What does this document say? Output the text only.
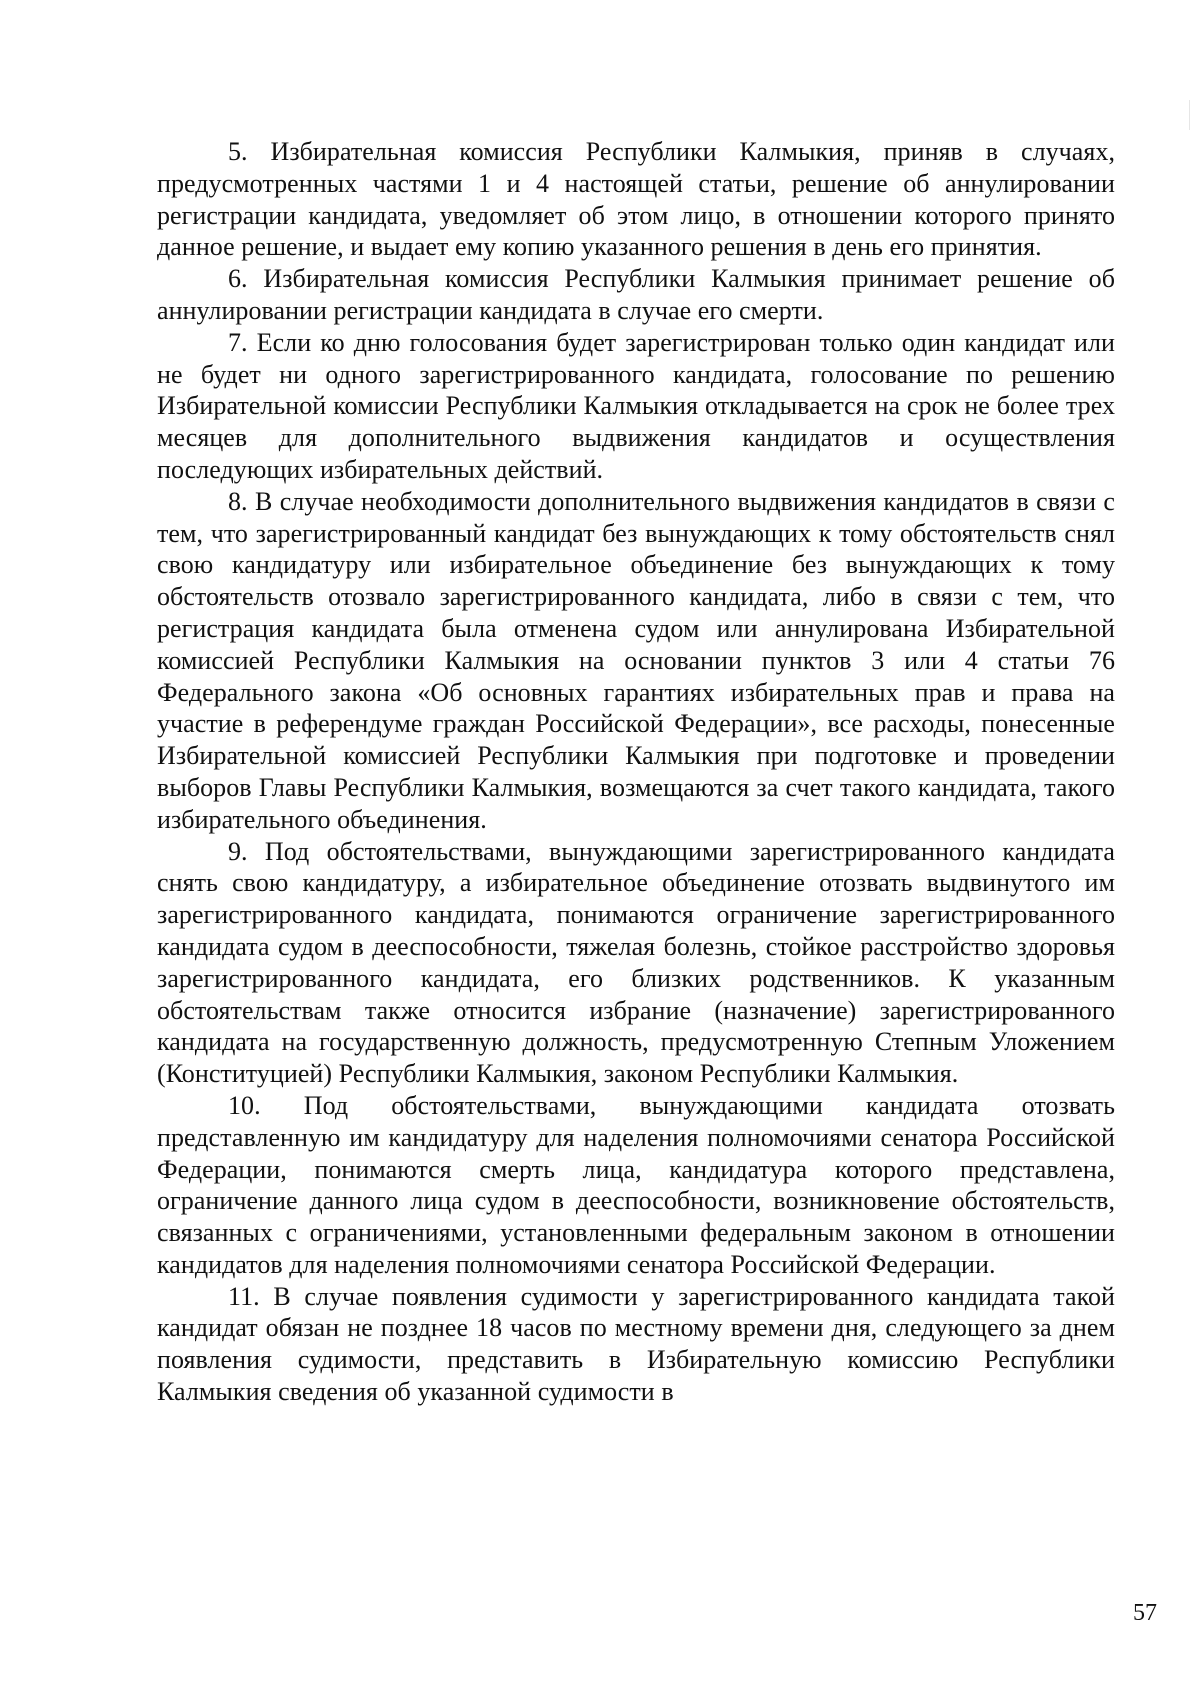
5. Избирательная комиссия Республики Калмыкия, приняв в случаях, предусмотренных частями 1 и 4 настоящей статьи, решение об аннулировании регистрации кандидата, уведомляет об этом лицо, в отношении которого принято данное решение, и выдает ему копию указанного решения в день его принятия.

6. Избирательная комиссия Республики Калмыкия принимает решение об аннулировании регистрации кандидата в случае его смерти.

7. Если ко дню голосования будет зарегистрирован только один кандидат или не будет ни одного зарегистрированного кандидата, голосование по решению Избирательной комиссии Республики Калмыкия откладывается на срок не более трех месяцев для дополнительного выдвижения кандидатов и осуществления последующих избирательных действий.

8. В случае необходимости дополнительного выдвижения кандидатов в связи с тем, что зарегистрированный кандидат без вынуждающих к тому обстоятельств снял свою кандидатуру или избирательное объединение без вынуждающих к тому обстоятельств отозвало зарегистрированного кандидата, либо в связи с тем, что регистрация кандидата была отменена судом или аннулирована Избирательной комиссией Республики Калмыкия на основании пунктов 3 или 4 статьи 76 Федерального закона «Об основных гарантиях избирательных прав и права на участие в референдуме граждан Российской Федерации», все расходы, понесенные Избирательной комиссией Республики Калмыкия при подготовке и проведении выборов Главы Республики Калмыкия, возмещаются за счет такого кандидата, такого избирательного объединения.

9. Под обстоятельствами, вынуждающими зарегистрированного кандидата снять свою кандидатуру, а избирательное объединение отозвать выдвинутого им зарегистрированного кандидата, понимаются ограничение зарегистрированного кандидата судом в дееспособности, тяжелая болезнь, стойкое расстройство здоровья зарегистрированного кандидата, его близких родственников. К указанным обстоятельствам также относится избрание (назначение) зарегистрированного кандидата на государственную должность, предусмотренную Степным Уложением (Конституцией) Республики Калмыкия, законом Республики Калмыкия.

10. Под обстоятельствами, вынуждающими кандидата отозвать представленную им кандидатуру для наделения полномочиями сенатора Российской Федерации, понимаются смерть лица, кандидатура которого представлена, ограничение данного лица судом в дееспособности, возникновение обстоятельств, связанных с ограничениями, установленными федеральным законом в отношении кандидатов для наделения полномочиями сенатора Российской Федерации.

11. В случае появления судимости у зарегистрированного кандидата такой кандидат обязан не позднее 18 часов по местному времени дня, следующего за днем появления судимости, представить в Избирательную комиссию Республики Калмыкия сведения об указанной судимости в

57
